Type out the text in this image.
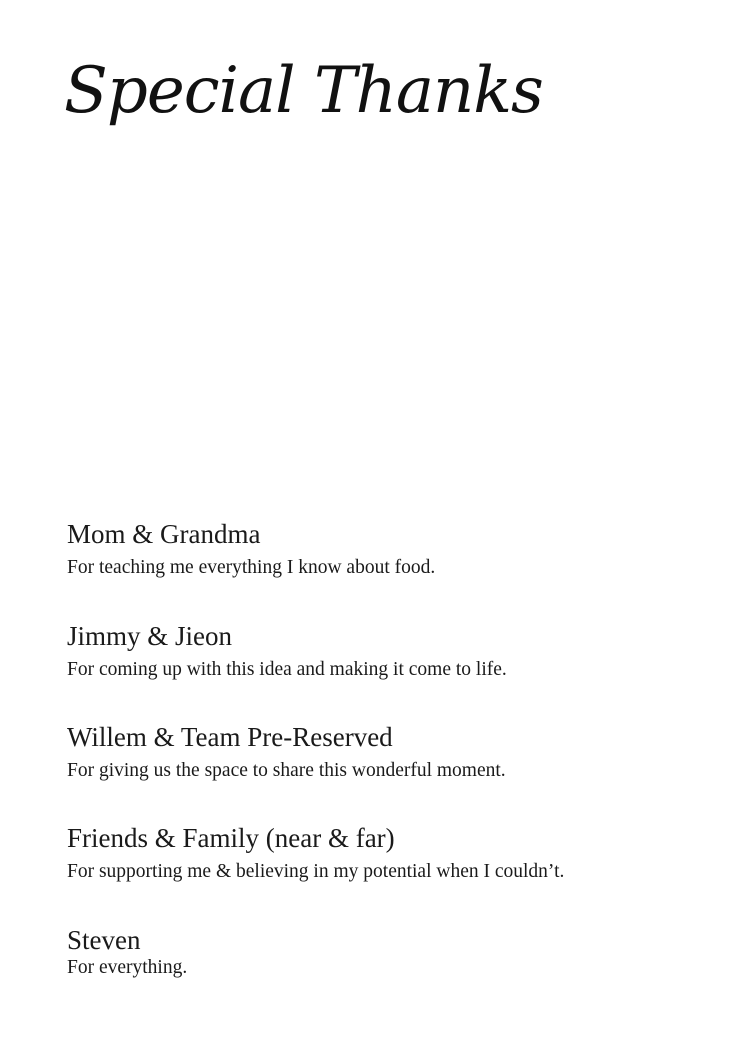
Special Thanks
Mom & Grandma
For teaching me everything I know about food.
Jimmy & Jieon
For coming up with this idea and making it come to life.
Willem & Team Pre-Reserved
For giving us the space to share this wonderful moment.
Friends & Family (near & far)
For supporting me & believing in my potential when I couldn’t.
Steven
For everything.
